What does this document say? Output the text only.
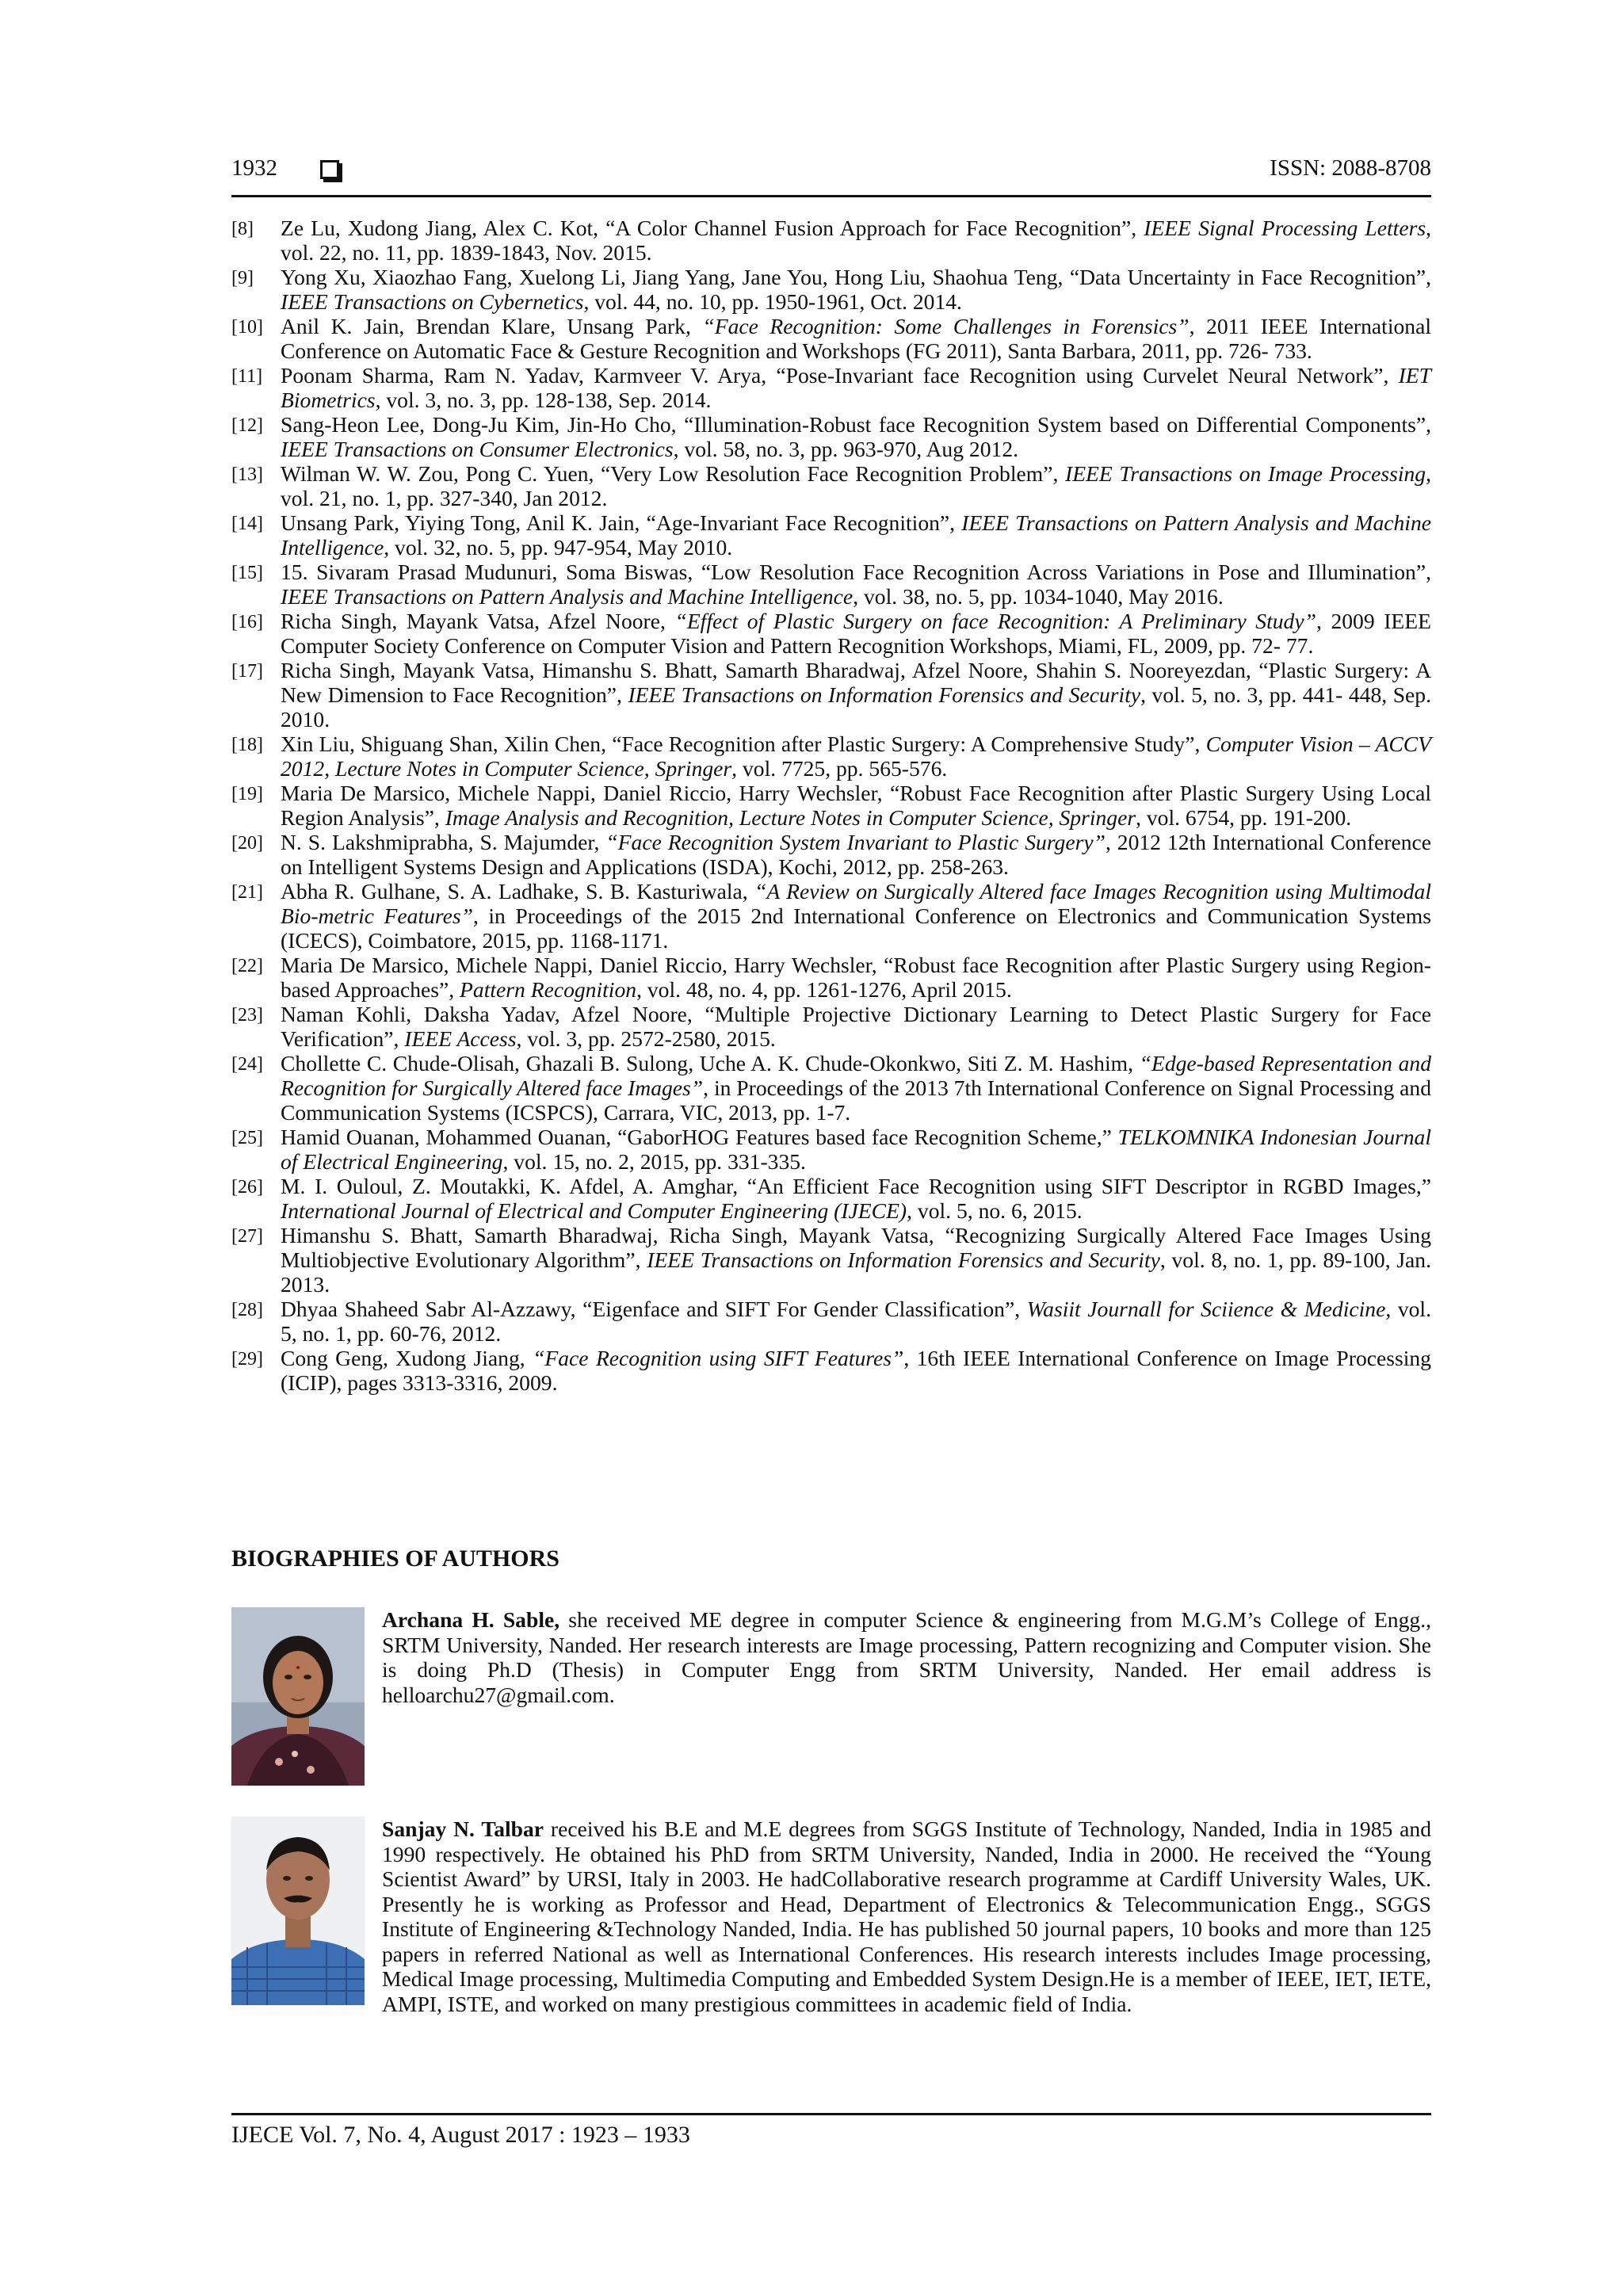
1932	ISSN: 2088-8708
[8]	Ze Lu, Xudong Jiang, Alex C. Kot, “A Color Channel Fusion Approach for Face Recognition”, IEEE Signal Processing Letters, vol. 22, no. 11, pp. 1839-1843, Nov. 2015.
[9]	Yong Xu, Xiaozhao Fang, Xuelong Li, Jiang Yang, Jane You, Hong Liu, Shaohua Teng, “Data Uncertainty in Face Recognition”, IEEE Transactions on Cybernetics, vol. 44, no. 10, pp. 1950-1961, Oct. 2014.
[10] Anil K. Jain, Brendan Klare, Unsang Park, “Face Recognition: Some Challenges in Forensics”, 2011 IEEE International Conference on Automatic Face & Gesture Recognition and Workshops (FG 2011), Santa Barbara, 2011, pp. 726- 733.
[11] Poonam Sharma, Ram N. Yadav, Karmveer V. Arya, “Pose-Invariant face Recognition using Curvelet Neural Network”, IET Biometrics, vol. 3, no. 3, pp. 128-138, Sep. 2014.
[12] Sang-Heon Lee, Dong-Ju Kim, Jin-Ho Cho, “Illumination-Robust face Recognition System based on Differential Components”, IEEE Transactions on Consumer Electronics, vol. 58, no. 3, pp. 963-970, Aug 2012.
[13] Wilman W. W. Zou, Pong C. Yuen, “Very Low Resolution Face Recognition Problem”, IEEE Transactions on Image Processing, vol. 21, no. 1, pp. 327-340, Jan 2012.
[14] Unsang Park, Yiying Tong, Anil K. Jain, “Age-Invariant Face Recognition”, IEEE Transactions on Pattern Analysis and Machine Intelligence, vol. 32, no. 5, pp. 947-954, May 2010.
[15] 15. Sivaram Prasad Mudunuri, Soma Biswas, “Low Resolution Face Recognition Across Variations in Pose and Illumination”, IEEE Transactions on Pattern Analysis and Machine Intelligence, vol. 38, no. 5, pp. 1034-1040, May 2016.
[16] Richa Singh, Mayank Vatsa, Afzel Noore, “Effect of Plastic Surgery on face Recognition: A Preliminary Study”, 2009 IEEE Computer Society Conference on Computer Vision and Pattern Recognition Workshops, Miami, FL, 2009, pp. 72- 77.
[17] Richa Singh, Mayank Vatsa, Himanshu S. Bhatt, Samarth Bharadwaj, Afzel Noore, Shahin S. Nooreyezdan, “Plastic Surgery: A New Dimension to Face Recognition”, IEEE Transactions on Information Forensics and Security, vol. 5, no. 3, pp. 441- 448, Sep. 2010.
[18] Xin Liu, Shiguang Shan, Xilin Chen, “Face Recognition after Plastic Surgery: A Comprehensive Study”, Computer Vision – ACCV 2012, Lecture Notes in Computer Science, Springer, vol. 7725, pp. 565-576.
[19] Maria De Marsico, Michele Nappi, Daniel Riccio, Harry Wechsler, “Robust Face Recognition after Plastic Surgery Using Local Region Analysis”, Image Analysis and Recognition, Lecture Notes in Computer Science, Springer, vol. 6754, pp. 191-200.
[20] N. S. Lakshmiprabha, S. Majumder, “Face Recognition System Invariant to Plastic Surgery”, 2012 12th International Conference on Intelligent Systems Design and Applications (ISDA), Kochi, 2012, pp. 258-263.
[21] Abha R. Gulhane, S. A. Ladhake, S. B. Kasturiwala, “A Review on Surgically Altered face Images Recognition using Multimodal Bio-metric Features”, in Proceedings of the 2015 2nd International Conference on Electronics and Communication Systems (ICECS), Coimbatore, 2015, pp. 1168-1171.
[22] Maria De Marsico, Michele Nappi, Daniel Riccio, Harry Wechsler, “Robust face Recognition after Plastic Surgery using Region-based Approaches”, Pattern Recognition, vol. 48, no. 4, pp. 1261-1276, April 2015.
[23] Naman Kohli, Daksha Yadav, Afzel Noore, “Multiple Projective Dictionary Learning to Detect Plastic Surgery for Face Verification”, IEEE Access, vol. 3, pp. 2572-2580, 2015.
[24] Chollette C. Chude-Olisah, Ghazali B. Sulong, Uche A. K. Chude-Okonkwo, Siti Z. M. Hashim, “Edge-based Representation and Recognition for Surgically Altered face Images”, in Proceedings of the 2013 7th International Conference on Signal Processing and Communication Systems (ICSPCS), Carrara, VIC, 2013, pp. 1-7.
[25] Hamid Ouanan, Mohammed Ouanan, “GaborHOG Features based face Recognition Scheme,” TELKOMNIKA Indonesian Journal of Electrical Engineering, vol. 15, no. 2, 2015, pp. 331-335.
[26] M. I. Ouloul, Z. Moutakki, K. Afdel, A. Amghar, “An Efficient Face Recognition using SIFT Descriptor in RGBD Images,” International Journal of Electrical and Computer Engineering (IJECE), vol. 5, no. 6, 2015.
[27] Himanshu S. Bhatt, Samarth Bharadwaj, Richa Singh, Mayank Vatsa, “Recognizing Surgically Altered Face Images Using Multiobjective Evolutionary Algorithm”, IEEE Transactions on Information Forensics and Security, vol. 8, no. 1, pp. 89-100, Jan. 2013.
[28] Dhyaa Shaheed Sabr Al-Azzawy, “Eigenface and SIFT For Gender Classification”, Wasiit Journall for Sciience & Medicine, vol. 5, no. 1, pp. 60-76, 2012.
[29] Cong Geng, Xudong Jiang, “Face Recognition using SIFT Features”, 16th IEEE International Conference on Image Processing (ICIP), pages 3313-3316, 2009.
BIOGRAPHIES OF AUTHORS
Archana H. Sable, she received ME degree in computer Science & engineering from M.G.M’s College of Engg., SRTM University, Nanded. Her research interests are Image processing, Pattern recognizing and Computer vision. She is doing Ph.D (Thesis) in Computer Engg from SRTM University, Nanded. Her email address is helloarchu27@gmail.com.
Sanjay N. Talbar received his B.E and M.E degrees from SGGS Institute of Technology, Nanded, India in 1985 and 1990 respectively. He obtained his PhD from SRTM University, Nanded, India in 2000. He received the “Young Scientist Award” by URSI, Italy in 2003. He hadCollaborative research programme at Cardiff University Wales, UK. Presently he is working as Professor and Head, Department of Electronics & Telecommunication Engg., SGGS Institute of Engineering &Technology Nanded, India. He has published 50 journal papers, 10 books and more than 125 papers in referred National as well as International Conferences. His research interests includes Image processing, Medical Image processing, Multimedia Computing and Embedded System Design.He is a member of IEEE, IET, IETE, AMPI, ISTE, and worked on many prestigious committees in academic field of India.
IJECE Vol. 7, No. 4, August 2017 : 1923 – 1933
